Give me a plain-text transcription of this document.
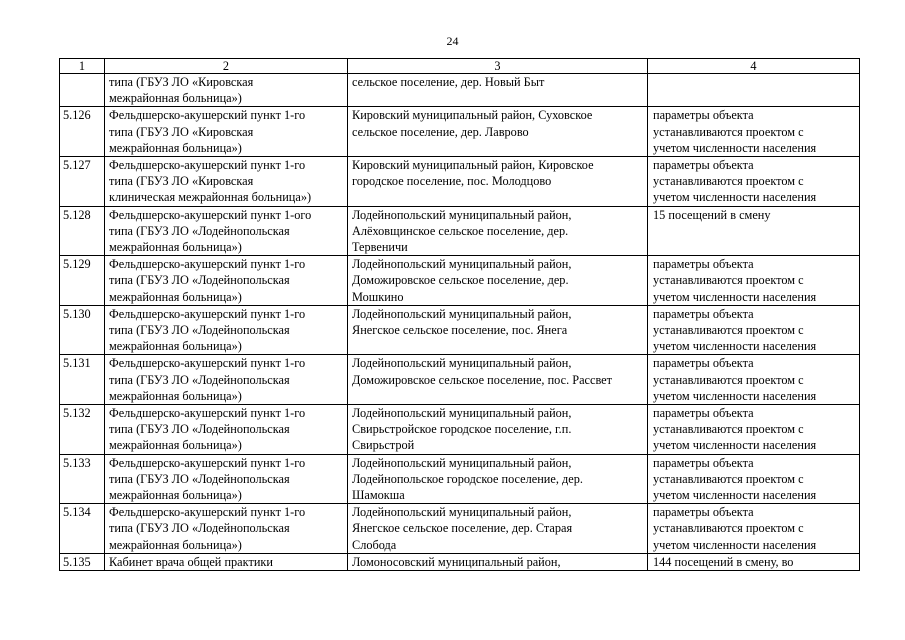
24
1	2	3	4
	типа (ГБУЗ ЛО «Кировская
межрайонная больница»)	сельское поселение, дер. Новый Быт	
5.126	Фельдшерско-акушерский пункт 1-го
типа (ГБУЗ ЛО «Кировская
межрайонная больница»)	Кировский муниципальный район, Суховское
сельское поселение, дер. Лаврово	параметры объекта
устанавливаются проектом с
учетом численности населения
5.127	Фельдшерско-акушерский пункт 1-го
типа (ГБУЗ ЛО «Кировская
клиническая межрайонная больница»)	Кировский муниципальный район, Кировское
городское поселение, пос. Молодцово	параметры объекта
устанавливаются проектом с
учетом численности населения
5.128	Фельдшерско-акушерский пункт 1-ого
типа (ГБУЗ ЛО «Лодейнопольская
межрайонная больница»)	Лодейнопольский муниципальный район,
Алёховщинское сельское поселение, дер.
Тервеничи	15 посещений в смену
5.129	Фельдшерско-акушерский пункт 1-го
типа (ГБУЗ ЛО «Лодейнопольская
межрайонная больница»)	Лодейнопольский муниципальный район,
Доможировское сельское поселение, дер.
Мошкино	параметры объекта
устанавливаются проектом с
учетом численности населения
5.130	Фельдшерско-акушерский пункт 1-го
типа (ГБУЗ ЛО «Лодейнопольская
межрайонная больница»)	Лодейнопольский муниципальный район,
Янегское сельское поселение, пос. Янега	параметры объекта
устанавливаются проектом с
учетом численности населения
5.131	Фельдшерско-акушерский пункт 1-го
типа (ГБУЗ ЛО «Лодейнопольская
межрайонная больница»)	Лодейнопольский муниципальный район,
Доможировское сельское поселение, пос. Рассвет	параметры объекта
устанавливаются проектом с
учетом численности населения
5.132	Фельдшерско-акушерский пункт 1-го
типа (ГБУЗ ЛО «Лодейнопольская
межрайонная больница»)	Лодейнопольский муниципальный район,
Свирьстройское городское поселение, г.п.
Свирьстрой	параметры объекта
устанавливаются проектом с
учетом численности населения
5.133	Фельдшерско-акушерский пункт 1-го
типа (ГБУЗ ЛО «Лодейнопольская
межрайонная больница»)	Лодейнопольский муниципальный район,
Лодейнопольское городское поселение, дер.
Шамокша	параметры объекта
устанавливаются проектом с
учетом численности населения
5.134	Фельдшерско-акушерский пункт 1-го
типа (ГБУЗ ЛО «Лодейнопольская
межрайонная больница»)	Лодейнопольский муниципальный район,
Янегское сельское поселение, дер. Старая
Слобода	параметры объекта
устанавливаются проектом с
учетом численности населения
5.135	Кабинет врача общей практики	Ломоносовский муниципальный район,	144 посещений в смену, во
